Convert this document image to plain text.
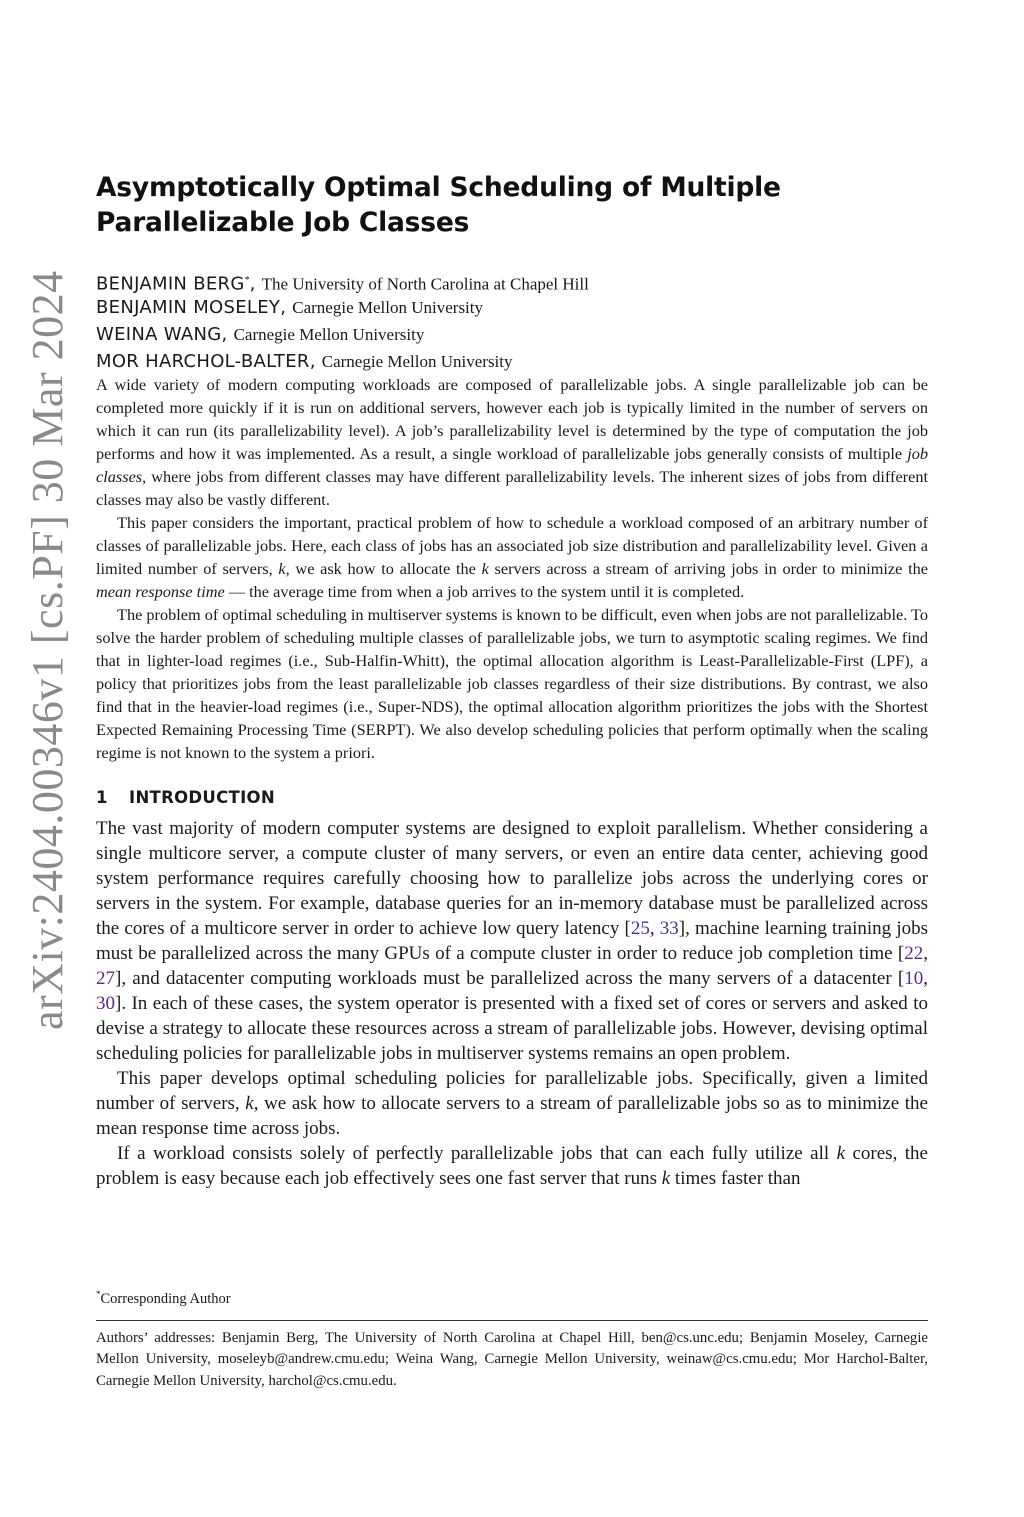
arXiv:2404.00346v1 [cs.PF] 30 Mar 2024
Asymptotically Optimal Scheduling of Multiple Parallelizable Job Classes
BENJAMIN BERG*, The University of North Carolina at Chapel Hill
BENJAMIN MOSELEY, Carnegie Mellon University
WEINA WANG, Carnegie Mellon University
MOR HARCHOL-BALTER, Carnegie Mellon University

A wide variety of modern computing workloads are composed of parallelizable jobs. A single parallelizable job can be completed more quickly if it is run on additional servers, however each job is typically limited in the number of servers on which it can run (its parallelizability level). A job’s parallelizability level is determined by the type of computation the job performs and how it was implemented. As a result, a single workload of parallelizable jobs generally consists of multiple job classes, where jobs from different classes may have different parallelizability levels. The inherent sizes of jobs from different classes may also be vastly different.

This paper considers the important, practical problem of how to schedule a workload composed of an arbitrary number of classes of parallelizable jobs. Here, each class of jobs has an associated job size distribution and parallelizability level. Given a limited number of servers, k, we ask how to allocate the k servers across a stream of arriving jobs in order to minimize the mean response time — the average time from when a job arrives to the system until it is completed.

The problem of optimal scheduling in multiserver systems is known to be difficult, even when jobs are not parallelizable. To solve the harder problem of scheduling multiple classes of parallelizable jobs, we turn to asymptotic scaling regimes. We find that in lighter-load regimes (i.e., Sub-Halfin-Whitt), the optimal allocation algorithm is Least-Parallelizable-First (LPF), a policy that prioritizes jobs from the least parallelizable job classes regardless of their size distributions. By contrast, we also find that in the heavier-load regimes (i.e., Super-NDS), the optimal allocation algorithm prioritizes the jobs with the Shortest Expected Remaining Processing Time (SERPT). We also develop scheduling policies that perform optimally when the scaling regime is not known to the system a priori.

1 INTRODUCTION

The vast majority of modern computer systems are designed to exploit parallelism. Whether considering a single multicore server, a compute cluster of many servers, or even an entire data center, achieving good system performance requires carefully choosing how to parallelize jobs across the underlying cores or servers in the system. For example, database queries for an in-memory database must be parallelized across the cores of a multicore server in order to achieve low query latency [25, 33], machine learning training jobs must be parallelized across the many GPUs of a compute cluster in order to reduce job completion time [22, 27], and datacenter computing workloads must be parallelized across the many servers of a datacenter [10, 30]. In each of these cases, the system operator is presented with a fixed set of cores or servers and asked to devise a strategy to allocate these resources across a stream of parallelizable jobs. However, devising optimal scheduling policies for parallelizable jobs in multiserver systems remains an open problem.

This paper develops optimal scheduling policies for parallelizable jobs. Specifically, given a limited number of servers, k, we ask how to allocate servers to a stream of parallelizable jobs so as to minimize the mean response time across jobs.

If a workload consists solely of perfectly parallelizable jobs that can each fully utilize all k cores, the problem is easy because each job effectively sees one fast server that runs k times faster than

*Corresponding Author
Authors’ addresses: Benjamin Berg, The University of North Carolina at Chapel Hill, ben@cs.unc.edu; Benjamin Moseley, Carnegie Mellon University, moseleyb@andrew.cmu.edu; Weina Wang, Carnegie Mellon University, weinaw@cs.cmu.edu; Mor Harchol-Balter, Carnegie Mellon University, harchol@cs.cmu.edu.
